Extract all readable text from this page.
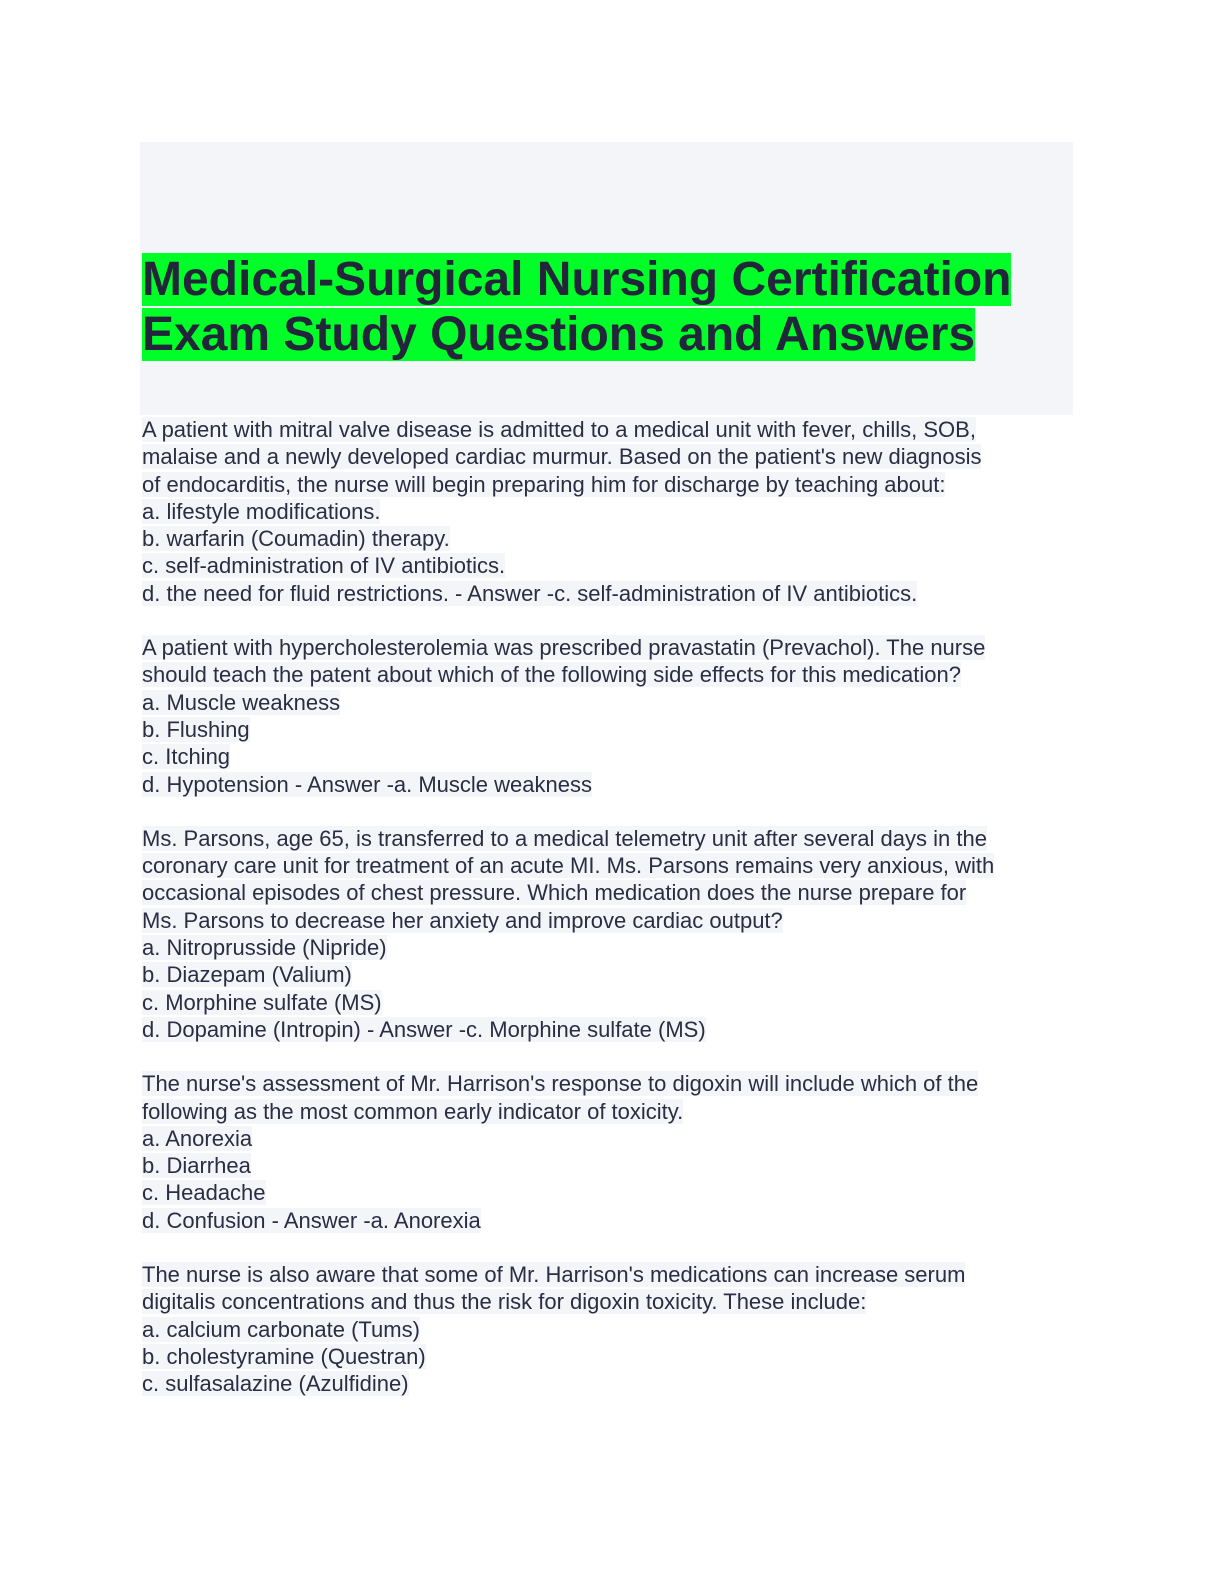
Medical-Surgical Nursing Certification
Exam Study Questions and Answers
A patient with mitral valve disease is admitted to a medical unit with fever, chills, SOB,
malaise and a newly developed cardiac murmur. Based on the patient's new diagnosis
of endocarditis, the nurse will begin preparing him for discharge by teaching about:
a. lifestyle modifications.
b. warfarin (Coumadin) therapy.
c. self-administration of IV antibiotics.
d. the need for fluid restrictions. - Answer -c. self-administration of IV antibiotics.
A patient with hypercholesterolemia was prescribed pravastatin (Prevachol). The nurse
should teach the patent about which of the following side effects for this medication?
a. Muscle weakness
b. Flushing
c. Itching
d. Hypotension - Answer -a. Muscle weakness
Ms. Parsons, age 65, is transferred to a medical telemetry unit after several days in the
coronary care unit for treatment of an acute MI. Ms. Parsons remains very anxious, with
occasional episodes of chest pressure. Which medication does the nurse prepare for
Ms. Parsons to decrease her anxiety and improve cardiac output?
a. Nitroprusside (Nipride)
b. Diazepam (Valium)
c. Morphine sulfate (MS)
d. Dopamine (Intropin) - Answer -c. Morphine sulfate (MS)
The nurse's assessment of Mr. Harrison's response to digoxin will include which of the
following as the most common early indicator of toxicity.
a. Anorexia
b. Diarrhea
c. Headache
d. Confusion - Answer -a. Anorexia
The nurse is also aware that some of Mr. Harrison's medications can increase serum
digitalis concentrations and thus the risk for digoxin toxicity. These include:
a. calcium carbonate (Tums)
b. cholestyramine (Questran)
c. sulfasalazine (Azulfidine)
